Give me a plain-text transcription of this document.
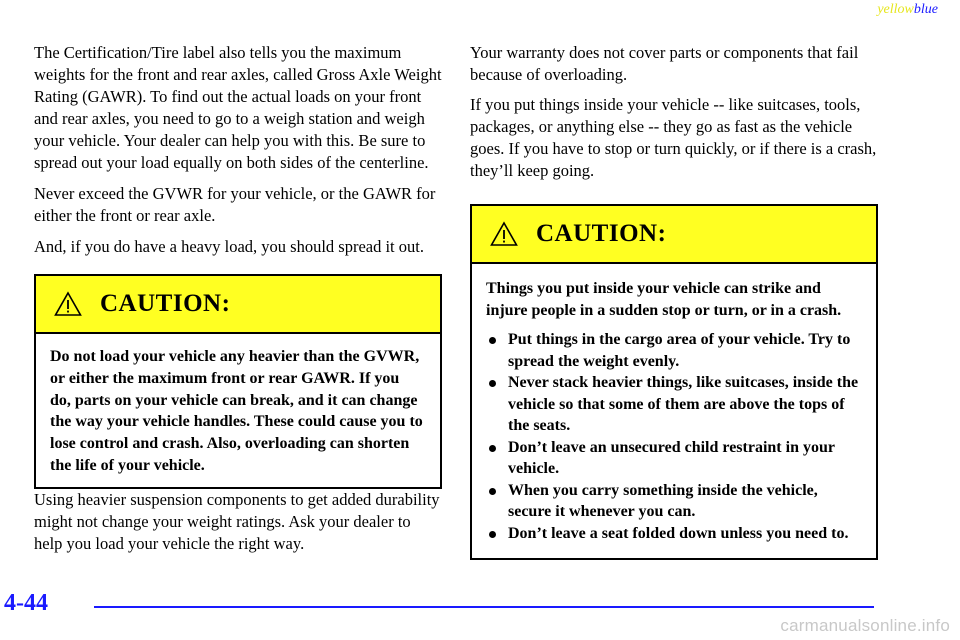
yellowblue

The Certification/Tire label also tells you the maximum weights for the front and rear axles, called Gross Axle Weight Rating (GAWR). To find out the actual loads on your front and rear axles, you need to go to a weigh station and weigh your vehicle. Your dealer can help you with this. Be sure to spread out your load equally on both sides of the centerline.

Never exceed the GVWR for your vehicle, or the GAWR for either the front or rear axle.

And, if you do have a heavy load, you should spread it out.

CAUTION:

Do not load your vehicle any heavier than the GVWR, or either the maximum front or rear GAWR. If you do, parts on your vehicle can break, and it can change the way your vehicle handles. These could cause you to lose control and crash. Also, overloading can shorten the life of your vehicle.

Using heavier suspension components to get added durability might not change your weight ratings. Ask your dealer to help you load your vehicle the right way.

Your warranty does not cover parts or components that fail because of overloading.

If you put things inside your vehicle -- like suitcases, tools, packages, or anything else -- they go as fast as the vehicle goes. If you have to stop or turn quickly, or if there is a crash, they’ll keep going.

CAUTION:

Things you put inside your vehicle can strike and injure people in a sudden stop or turn, or in a crash.

Put things in the cargo area of your vehicle. Try to spread the weight evenly.
Never stack heavier things, like suitcases, inside the vehicle so that some of them are above the tops of the seats.
Don’t leave an unsecured child restraint in your vehicle.
When you carry something inside the vehicle, secure it whenever you can.
Don’t leave a seat folded down unless you need to.
4-44
carmanualsonline.info
